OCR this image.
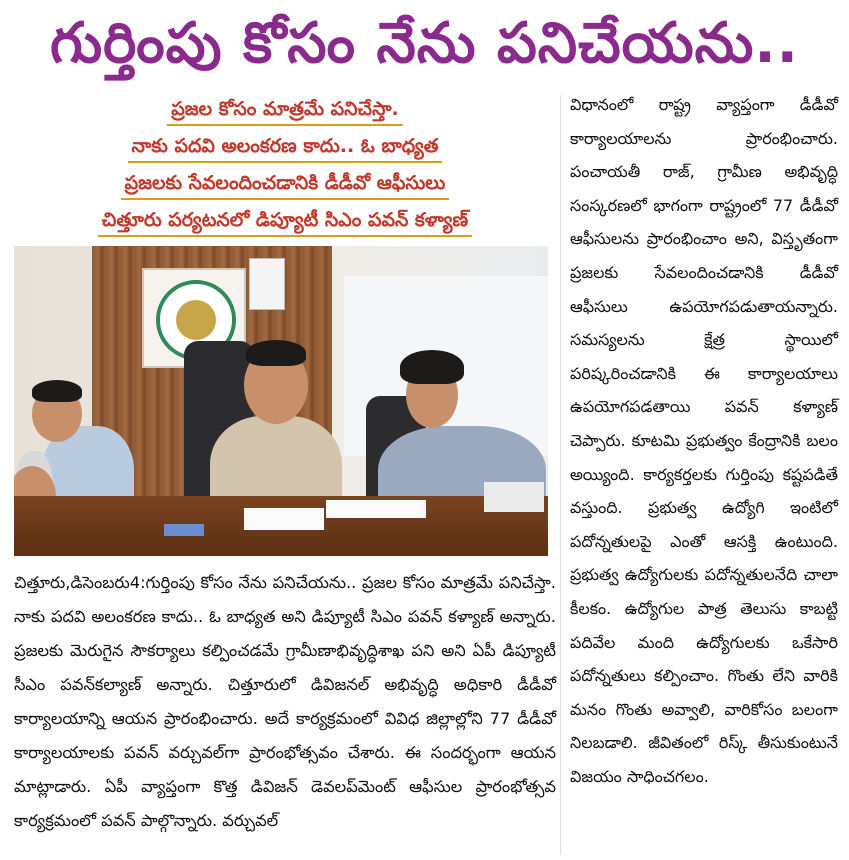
గుర్తింపు కోసం నేను పనిచేయను..
ప్రజల కోసం మాత్రమే పనిచేస్తా.
నాకు పదవి అలంకరణ కాదు.. ఓ బాధ్యత
ప్రజలకు సేవలందించడానికి డీడీవో ఆఫీసులు
చిత్తూరు పర్యటనలో డిప్యూటీ సిఎం పవన్ కళ్యాణ్
చిత్తూరు,డిసెంబరు4:గుర్తింపు కోసం నేను పనిచేయను.. ప్రజల కోసం మాత్రమే పనిచేస్తా. నాకు పదవి అలంకరణ కాదు.. ఓ బాధ్యత అని డిప్యూటీ సిఎం పవన్ కళ్యాణ్ అన్నారు. ప్రజలకు మెరుగైన సౌకర్యాలు కల్పించడమే గ్రామీణాభివృద్ధిశాఖ పని అని ఏపీ డిప్యూటీ సీఎం పవన్‌కల్యాణ్ అన్నారు. చిత్తూరులో డివిజనల్ అభివృద్ధి అధికారి డీడీవో కార్యాలయాన్ని ఆయన ప్రారంభించారు. అదే కార్యక్రమంలో వివిధ జిల్లాల్లోని 77 డీడీవో కార్యాలయాలకు పవన్ వర్చువల్‌గా ప్రారంభోత్సవం చేశారు. ఈ సందర్భంగా ఆయన మాట్లాడారు. ఏపీ వ్యాప్తంగా కొత్త డివిజన్ డెవలప్‌మెంట్ ఆఫీసుల ప్రారంభోత్సవ కార్యక్రమంలో పవన్ పాల్గొన్నారు. వర్చువల్
విధానంలో రాష్ట్ర వ్యాప్తంగా డీడీవో కార్యాలయాలను ప్రారంభించారు. పంచాయతీ రాజ్, గ్రామీణ అభివృద్ధి సంస్కరణలో భాగంగా రాష్ట్రంలో 77 డీడీవో ఆఫీసులను ప్రారంభించాం అని, విస్తృతంగా ప్రజలకు సేవలందించడానికి డీడీవో ఆఫీసులు ఉపయోగపడుతాయన్నారు. సమస్యలను క్షేత్ర స్థాయిలో పరిష్కరించడానికి ఈ కార్యాలయాలు ఉపయోగపడతాయి పవన్ కళ్యాణ్ చెప్పారు. కూటమి ప్రభుత్వం కేంద్రానికి బలం అయ్యింది. కార్యకర్తలకు గుర్తింపు కష్టపడితే వస్తుంది. ప్రభుత్వ ఉద్యోగి ఇంటిలో పదోన్నతులపై ఎంతో ఆసక్తి ఉంటుంది. ప్రభుత్వ ఉద్యోగులకు పదోన్నతులనేది చాలా కీలకం. ఉద్యోగుల పాత్ర తెలుసు కాబట్టి పదివేల మంది ఉద్యోగులకు ఒకేసారి పదోన్నతులు కల్పించాం. గొంతు లేని వారికి మనం గొంతు అవ్వాలి, వారికోసం బలంగా నిలబడాలి. జీవితంలో రిస్క్ తీసుకుంటునే విజయం సాధించగలం.
